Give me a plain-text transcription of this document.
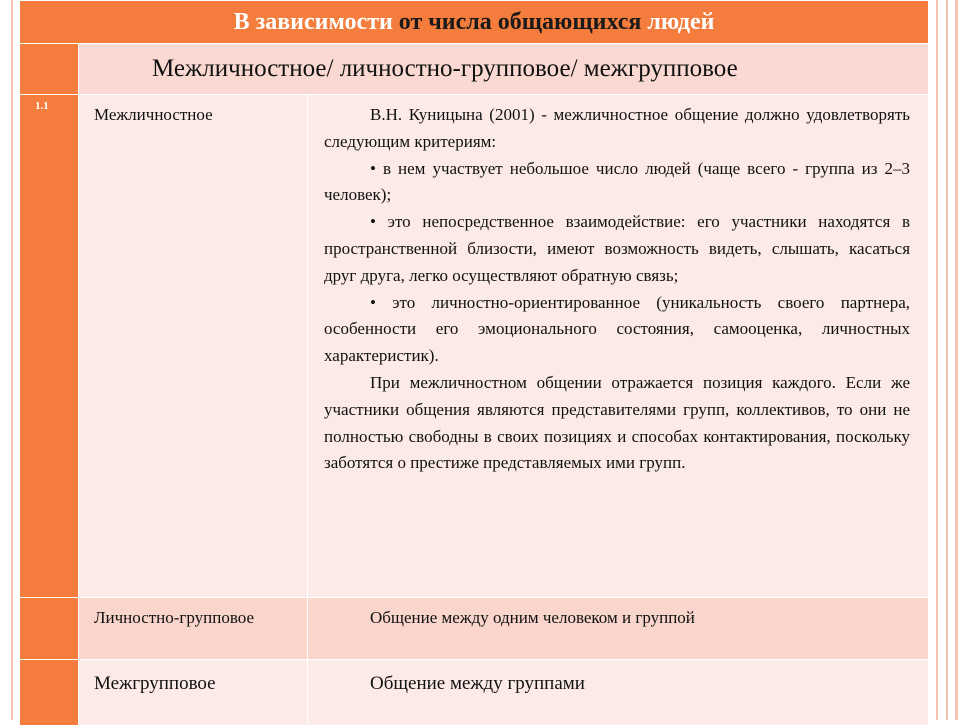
В зависимости от числа общающихся людей		
	Межличностное/ личностно-групповое/ межгрупповое	

1.1	Межличностное	В.Н. Куницына (2001) - межличностное общение должно удовлетворять следующим критериям:

• в нем участвует небольшое число людей (чаще всего - группа из 2–3 человек);

• это непосредственное взаимодействие: его участники находятся в пространственной близости, имеют возможность видеть, слышать, касаться друг друга, легко осуществляют обратную связь;

• это личностно-ориентированное (уникальность своего партнера, особенности его эмоционального состояния, самооценка, личностных характеристик).

При межличностном общении отражается позиция каждого. Если же участники общения являются представителями групп, коллективов, то они не полностью свободны в своих позициях и способах контактирования, поскольку заботятся о престиже представляемых ими групп.

	Личностно-групповое	Общение между одним человеком и группой
	Межгрупповое	Общение между группами
